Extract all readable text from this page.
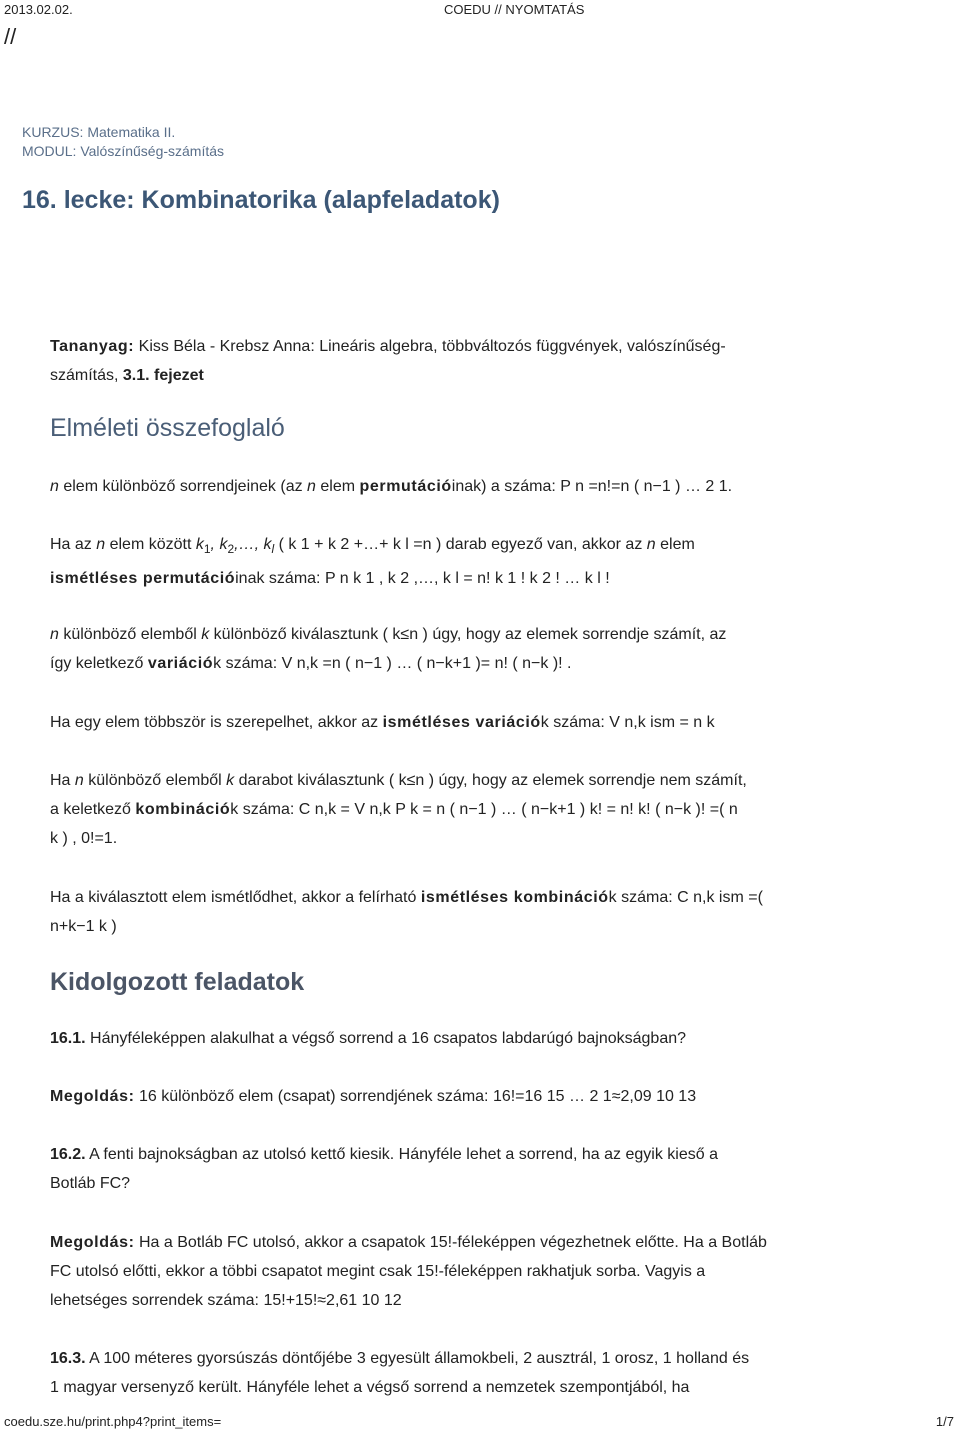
2013.02.02.	COEDU // NYOMTATÁS
//
KURZUS: Matematika II.
MODUL: Valószínűség-számítás
16. lecke: Kombinatorika (alapfeladatok)

Tananyag: Kiss Béla - Krebsz Anna: Lineáris algebra, többváltozós függvények, valószínűség-

számítás, 3.1. fejezet

Elméleti összefoglaló

n elem különböző sorrendjeinek (az n elem permutációinak) a száma: P n =n!=n ( n−1 ) … 2 1.

Ha az n elem között $k_1$, $k_2,\dots$, $k_l$ ( k 1 + k 2 +…+ k l =n ) darab egyező van, akkor az n elem

ismétléses permutációinak száma: P n k 1 , k 2 ,…, k l = n! k 1 ! k 2 ! … k l !

n különböző elemből k különböző kiválasztunk ( k≤n ) úgy, hogy az elemek sorrendje számít, az

így keletkező variációk száma: V n,k =n ( n−1 ) … ( n−k+1 )= n! ( n−k )! .

Ha egy elem többször is szerepelhet, akkor az ismétléses variációk száma: V n,k ism = n k

Ha n különböző elemből k darabot kiválasztunk ( k≤n ) úgy, hogy az elemek sorrendje nem számít,

a keletkező kombinációk száma: C n,k = V n,k P k = n ( n−1 ) … ( n−k+1 ) k! = n! k! ( n−k )! =( n

k ) , 0!=1.

Ha a kiválasztott elem ismétlődhet, akkor a felírható ismétléses kombinációk száma: C n,k ism =(

n+k−1 k )

Kidolgozott feladatok

16.1. Hányféleképpen alakulhat a végső sorrend a 16 csapatos labdarúgó bajnokságban?

Megoldás: 16 különböző elem (csapat) sorrendjének száma: 16!=16 15 … 2 1≈2,09 10 13

16.2. A fenti bajnokságban az utolsó kettő kiesik. Hányféle lehet a sorrend, ha az egyik kieső a

Botláb FC?

Megoldás: Ha a Botláb FC utolsó, akkor a csapatok 15!-féleképpen végezhetnek előtte. Ha a Botláb

FC utolsó előtti, ekkor a többi csapatot megint csak 15!-féleképpen rakhatjuk sorba. Vagyis a

lehetséges sorrendek száma: 15!+15!≈2,61 10 12

16.3. A 100 méteres gyorsúszás döntőjébe 3 egyesült államokbeli, 2 ausztrál, 1 orosz, 1 holland és

1 magyar versenyző került. Hányféle lehet a végső sorrend a nemzetek szempontjából, ha

coedu.sze.hu/print.php4?print_items=	1/7
